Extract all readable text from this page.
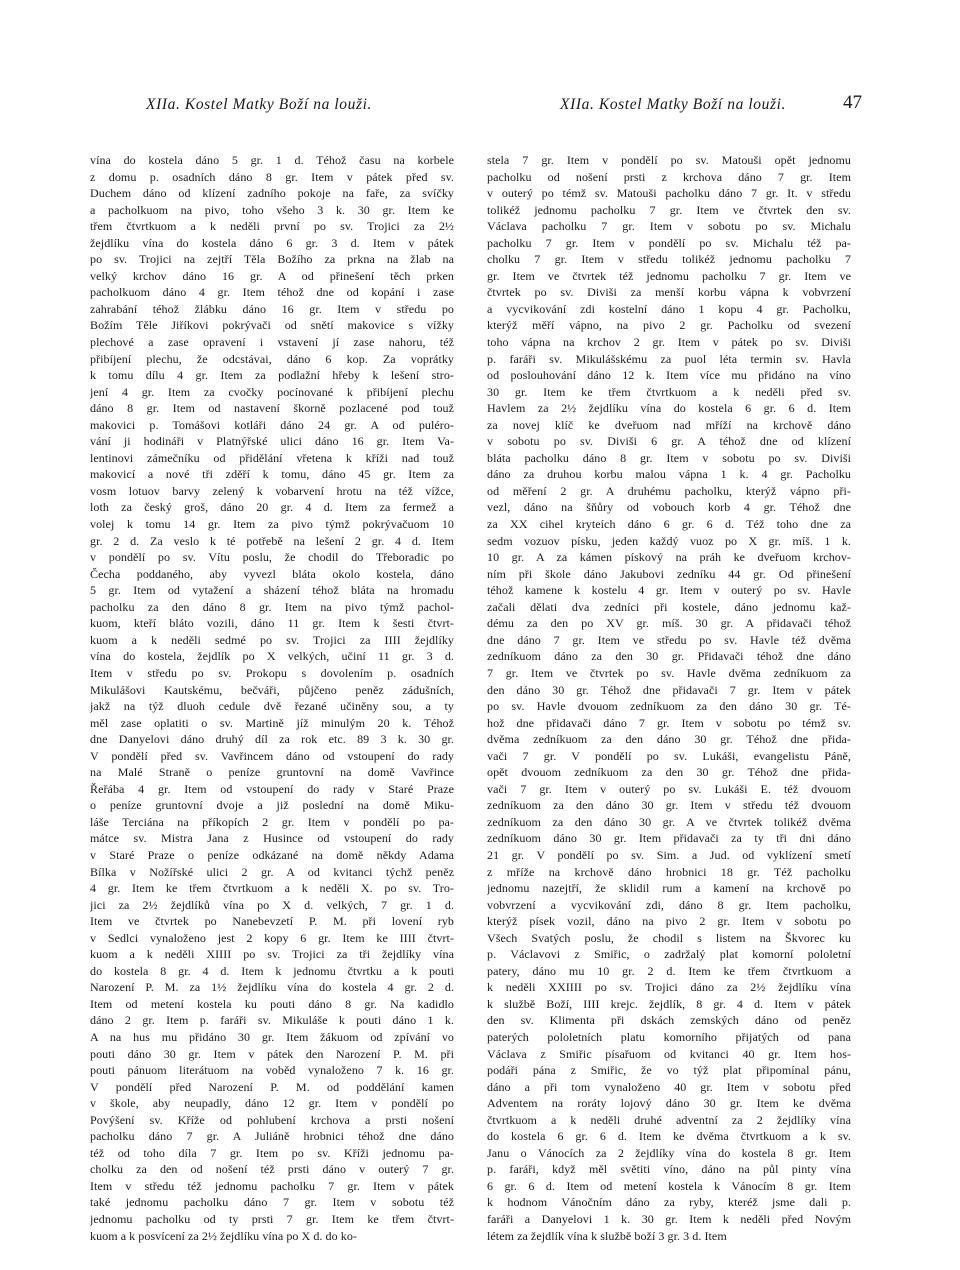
XIIa. Kostel Matky Boží na louži.	XIIa. Kostel Matky Boží na louži.	47
vína do kostela dáno 5 gr. 1 d. Téhož času na korbele
z domu p. osadních dáno 8 gr. Item v pátek před sv.
Duchem dáno od klízení zadního pokoje na faře, za svíčky
a pacholkuom na pivo, toho všeho 3 k. 30 gr. Item ke
třem čtvrtkuom a k neděli první po sv. Trojici za 2½
žejdlíku vína do kostela dáno 6 gr. 3 d. Item v pátek
po sv. Trojici na zejtří Těla Božího za prkna na žlab na
velký krchov dáno 16 gr. A od přinešení těch prken
pacholkuom dáno 4 gr. Item téhož dne od kopání i zase
zahrabání téhož žlábku dáno 16 gr. Item v středu po
Božím Těle Jiříkovi pokrývači od snětí makovice s vížky
plechové a zase opravení i vstavení jí zase nahoru, též
přibíjení plechu, že odcstávai, dáno 6 kop. Za voprátky
k tomu dílu 4 gr. Item za podlažní hřeby k lešení stro-
jení 4 gr. Item za cvočky pocínované k přibíjení plechu
dáno 8 gr. Item od nastavení škorně pozlacené pod touž
makovici p. Tomášovi kotláři dáno 24 gr. A od puléro-
vání ji hodináři v Platnýřské ulici dáno 16 gr. Item Va-
lentinovi zámečníku od přidělání vřetena k kříži nad touž
makovicí a nové tři zděří k tomu, dáno 45 gr. Item za
vosm lotuov barvy zelený k vobarvení hrotu na též vížce,
loth za český groš, dáno 20 gr. 4 d. Item za fermež a
volej k tomu 14 gr. Item za pivo týmž pokrývačuom 10
gr. 2 d. Za veslo k té potřebě na lešení 2 gr. 4 d. Item
v pondělí po sv. Vítu poslu, že chodil do Třeboradic po
Čecha poddaného, aby vyvezl bláta okolo kostela, dáno
5 gr. Item od vytažení a sházení téhož bláta na hromadu
pacholku za den dáno 8 gr. Item na pivo týmž pachol-
kuom, kteří bláto vozili, dáno 11 gr. Item k šesti čtvrt-
kuom a k neděli sedmé po sv. Trojici za IIII žejdlíky
vína do kostela, žejdlík po X velkých, učiní 11 gr. 3 d.
Item v středu po sv. Prokopu s dovolením p. osadních
Mikulášovi Kautskému, bečváři, půjčeno peněz zádušních,
jakž na týž dluoh cedule dvě řezané učiněny sou, a ty
měl zase oplatiti o sv. Martině jíž minulým 20 k. Téhož
dne Danyelovi dáno druhý díl za rok etc. 89 3 k. 30 gr.
V pondělí před sv. Vavřincem dáno od vstoupení do rady
na Malé Straně o peníze gruntovní na domě Vavřince
Řeřába 4 gr. Item od vstoupení do rady v Staré Praze
o peníze gruntovní dvoje a již poslední na domě Miku-
láše Terciána na příkopích 2 gr. Item v pondělí po pa-
mátce sv. Mistra Jana z Husince od vstoupení do rady
v Staré Praze o peníze odkázané na domě někdy Adama
Bílka v Nožířské ulici 2 gr. A od kvitanci týchž peněz
4 gr. Item ke třem čtvrtkuom a k neděli X. po sv. Tro-
jici za 2½ žejdlíků vína po X d. velkých, 7 gr. 1 d.
Item ve čtvrtek po Nanebevzetí P. M. při lovení ryb
v Sedlci vynaloženo jest 2 kopy 6 gr. Item ke IIII čtvrt-
kuom a k neděli XIIII po sv. Trojici za tři žejdlíky vína
do kostela 8 gr. 4 d. Item k jednomu čtvrtku a k pouti
Narození P. M. za 1½ žejdlíku vína do kostela 4 gr. 2 d.
Item od metení kostela ku pouti dáno 8 gr. Na kadidlo
dáno 2 gr. Item p. faráři sv. Mikuláše k pouti dáno 1 k.
A na hus mu přidáno 30 gr. Item žákuom od zpívání vo
pouti dáno 30 gr. Item v pátek den Narození P. M. při
pouti pánuom literátuom na voběd vynaloženo 7 k. 16 gr.
V pondělí před Narození P. M. od poddělání kamen
v škole, aby neupadly, dáno 12 gr. Item v pondělí po
Povýšení sv. Kříže od pohlubení krchova a prsti nošení
pacholku dáno 7 gr. A Juliáně hrobnici téhož dne dáno
též od toho díla 7 gr. Item po sv. Kříži jednomu pa-
cholku za den od nošení též prsti dáno v outerý 7 gr.
Item v středu též jednomu pacholku 7 gr. Item v pátek
také jednomu pacholku dáno 7 gr. Item v sobotu též
jednomu pacholku od ty prsti 7 gr. Item ke třem čtvrt-
kuom a k posvícení za 2½ žejdlíku vína po X d. do ko-
stela 7 gr. Item v pondělí po sv. Matouši opět jednomu
pacholku od nošení prsti z krchova dáno 7 gr. Item
v outerý po témž sv. Matouši pacholku dáno 7 gr. It. v středu
tolikéž jednomu pacholku 7 gr. Item ve čtvrtek den sv.
Václava pacholku 7 gr. Item v sobotu po sv. Michalu
pacholku 7 gr. Item v pondělí po sv. Michalu též pa-
cholku 7 gr. Item v středu tolikéž jednomu pacholku 7
gr. Item ve čtvrtek též jednomu pacholku 7 gr. Item ve
čtvrtek po sv. Diviši za menší korbu vápna k vobvrzení
a vycvikování zdi kostelní dáno 1 kopu 4 gr. Pacholku,
kterýž měří vápno, na pivo 2 gr. Pacholku od svezení
toho vápna na krchov 2 gr. Item v pátek po sv. Diviši
p. faráři sv. Mikulášskému za puol léta termin sv. Havla
od poslouhování dáno 12 k. Item více mu přidáno na víno
30 gr. Item ke třem čtvrtkuom a k neděli před sv.
Havlem za 2½ žejdlíku vína do kostela 6 gr. 6 d. Item
za novej klíč ke dveřuom nad mříží na krchově dáno
v sobotu po sv. Diviši 6 gr. A téhož dne od klízení
bláta pacholku dáno 8 gr. Item v sobotu po sv. Diviši
dáno za druhou korbu malou vápna 1 k. 4 gr. Pacholku
od měření 2 gr. A druhému pacholku, kterýž vápno při-
vezl, dáno na šňůry od vobouch korb 4 gr. Téhož dne
za XX cihel kryteích dáno 6 gr. 6 d. Též toho dne za
sedm vozuov písku, jeden každý vuoz po X gr. míš. 1 k.
10 gr. A za kámen pískový na práh ke dveřuom krchov-
ním při škole dáno Jakubovi zedníku 44 gr. Od přinešení
téhož kamene k kostelu 4 gr. Item v outerý po sv. Havle
začali dělati dva zedníci při kostele, dáno jednomu kaž-
dému za den po XV gr. míš. 30 gr. A přidavači téhož
dne dáno 7 gr. Item ve středu po sv. Havle též dvěma
zedníkuom dáno za den 30 gr. Přidavači téhož dne dáno
7 gr. Item ve čtvrtek po sv. Havle dvěma zedníkuom za
den dáno 30 gr. Téhož dne přidavači 7 gr. Item v pátek
po sv. Havle dvouom zedníkuom za den dáno 30 gr. Té-
hož dne přidavači dáno 7 gr. Item v sobotu po témž sv.
dvěma zedníkuom za den dáno 30 gr. Téhož dne přida-
vači 7 gr. V pondělí po sv. Lukáši, evangelistu Páně,
opět dvouom zedníkuom za den 30 gr. Téhož dne přida-
vači 7 gr. Item v outerý po sv. Lukáši E. též dvouom
zedníkuom za den dáno 30 gr. Item v středu též dvouom
zedníkuom za den dáno 30 gr. A ve čtvrtek tolikéž dvěma
zedníkuom dáno 30 gr. Item přidavači za ty tři dni dáno
21 gr. V pondělí po sv. Sim. a Jud. od vyklízení smetí
z mříže na krchově dáno hrobnici 18 gr. Též pacholku
jednomu nazejtří, že sklidil rum a kamení na krchově po
vobvrzení a vycvikování zdi, dáno 8 gr. Item pacholku,
kterýž písek vozil, dáno na pivo 2 gr. Item v sobotu po
Všech Svatých poslu, že chodil s listem na Škvorec ku
p. Václavovi z Smiřic, o zadržalý plat komorní pololetní
patery, dáno mu 10 gr. 2 d. Item ke třem čtvrtkuom a
k neděli XXIIII po sv. Trojici dáno za 2½ žejdlíku vína
k službě Boží, IIII krejc. žejdlík, 8 gr. 4 d. Item v pátek
den sv. Klimenta při dskách zemských dáno od peněz
paterých pololetních platu komorního přijatých od pana
Václava z Smiřic písařuom od kvitanci 40 gr. Item hos-
podáři pána z Smiřic, že vo týž plat připomínal pánu,
dáno a při tom vynaloženo 40 gr. Item v sobotu před
Adventem na roráty lojový dáno 30 gr. Item ke dvěma
čtvrtkuom a k neděli druhé adventní za 2 žejdlíky vína
do kostela 6 gr. 6 d. Item ke dvěma čtvrtkuom a k sv.
Janu o Vánocích za 2 žejdlíky vína do kostela 8 gr. Item
p. faráři, když měl světiti víno, dáno na půl pinty vína
6 gr. 6 d. Item od metení kostela k Vánocím 8 gr. Item
k hodnom Vánočním dáno za ryby, kteréž jsme dali p.
faráři a Danyelovi 1 k. 30 gr. Item k neděli před Novým
létem za žejdlík vína k službě boží 3 gr. 3 d. Item
